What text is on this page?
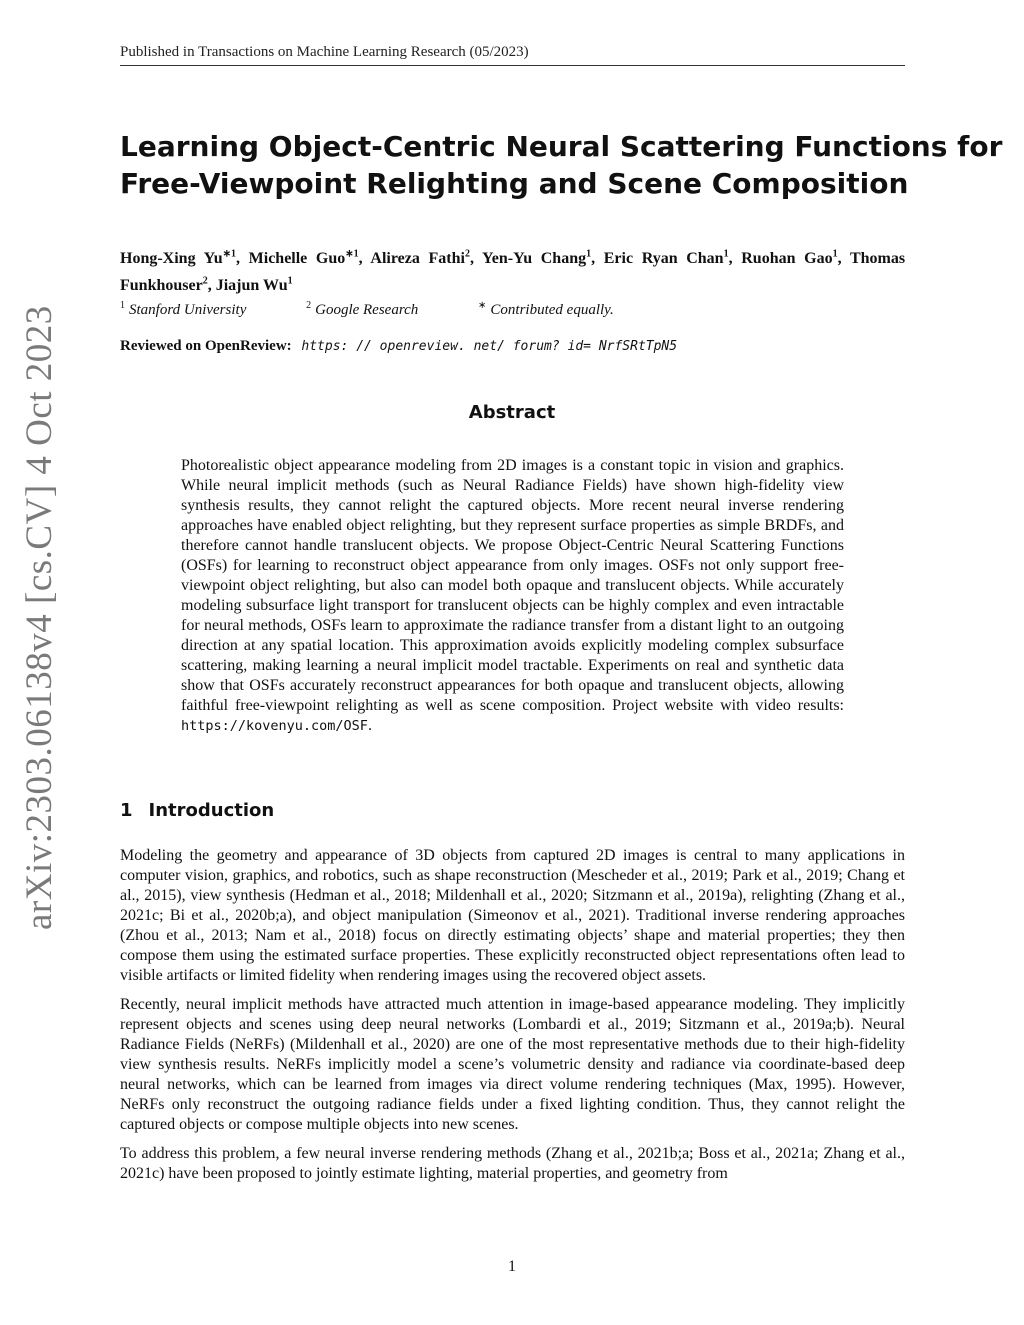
Published in Transactions on Machine Learning Research (05/2023)
arXiv:2303.06138v4 [cs.CV] 4 Oct 2023
Learning Object-Centric Neural Scattering Functions for
Free-Viewpoint Relighting and Scene Composition
Hong-Xing $Yu^{∗1}$, Michelle Guo$^{∗1}$, Alireza Fathi$^2$, Yen-Yu Chang$^1$, Eric Ryan Chan$^1$, Ruohan Gao$^1$, Thomas Funkhouser$^2$, Jiajun Wu$^1$
$^1$ Stanford University	$^2$ Google Research	∗ Contributed equally.
Reviewed on OpenReview: https: // openreview. net/ forum? id= NrfSRtTpN5
Abstract
Photorealistic object appearance modeling from 2D images is a constant topic in vision and graphics. While neural implicit methods (such as Neural Radiance Fields) have shown high-fidelity view synthesis results, they cannot relight the captured objects. More recent neural inverse rendering approaches have enabled object relighting, but they represent surface properties as simple BRDFs, and therefore cannot handle translucent objects. We propose Object-Centric Neural Scattering Functions (OSFs) for learning to reconstruct object appearance from only images. OSFs not only support free-viewpoint object relighting, but also can model both opaque and translucent objects. While accurately modeling subsurface light transport for translucent objects can be highly complex and even intractable for neural methods, OSFs learn to approximate the radiance transfer from a distant light to an outgoing direction at any spatial location. This approximation avoids explicitly modeling complex subsurface scattering, making learning a neural implicit model tractable. Experiments on real and synthetic data show that OSFs accurately reconstruct appearances for both opaque and translucent objects, allowing faithful free-viewpoint relighting as well as scene composition. Project website with video results: https://kovenyu.com/OSF.
1 Introduction

Modeling the geometry and appearance of 3D objects from captured 2D images is central to many applications in computer vision, graphics, and robotics, such as shape reconstruction (Mescheder et al., 2019; Park et al., 2019; Chang et al., 2015), view synthesis (Hedman et al., 2018; Mildenhall et al., 2020; Sitzmann et al., 2019a), relighting (Zhang et al., 2021c; Bi et al., 2020b;a), and object manipulation (Simeonov et al., 2021). Traditional inverse rendering approaches (Zhou et al., 2013; Nam et al., 2018) focus on directly estimating objects’ shape and material properties; they then compose them using the estimated surface properties. These explicitly reconstructed object representations often lead to visible artifacts or limited fidelity when rendering images using the recovered object assets.

Recently, neural implicit methods have attracted much attention in image-based appearance modeling. They implicitly represent objects and scenes using deep neural networks (Lombardi et al., 2019; Sitzmann et al., 2019a;b). Neural Radiance Fields (NeRFs) (Mildenhall et al., 2020) are one of the most representative methods due to their high-fidelity view synthesis results. NeRFs implicitly model a scene’s volumetric density and radiance via coordinate-based deep neural networks, which can be learned from images via direct volume rendering techniques (Max, 1995). However, NeRFs only reconstruct the outgoing radiance fields under a fixed lighting condition. Thus, they cannot relight the captured objects or compose multiple objects into new scenes.

To address this problem, a few neural inverse rendering methods (Zhang et al., 2021b;a; Boss et al., 2021a; Zhang et al., 2021c) have been proposed to jointly estimate lighting, material properties, and geometry from

1
